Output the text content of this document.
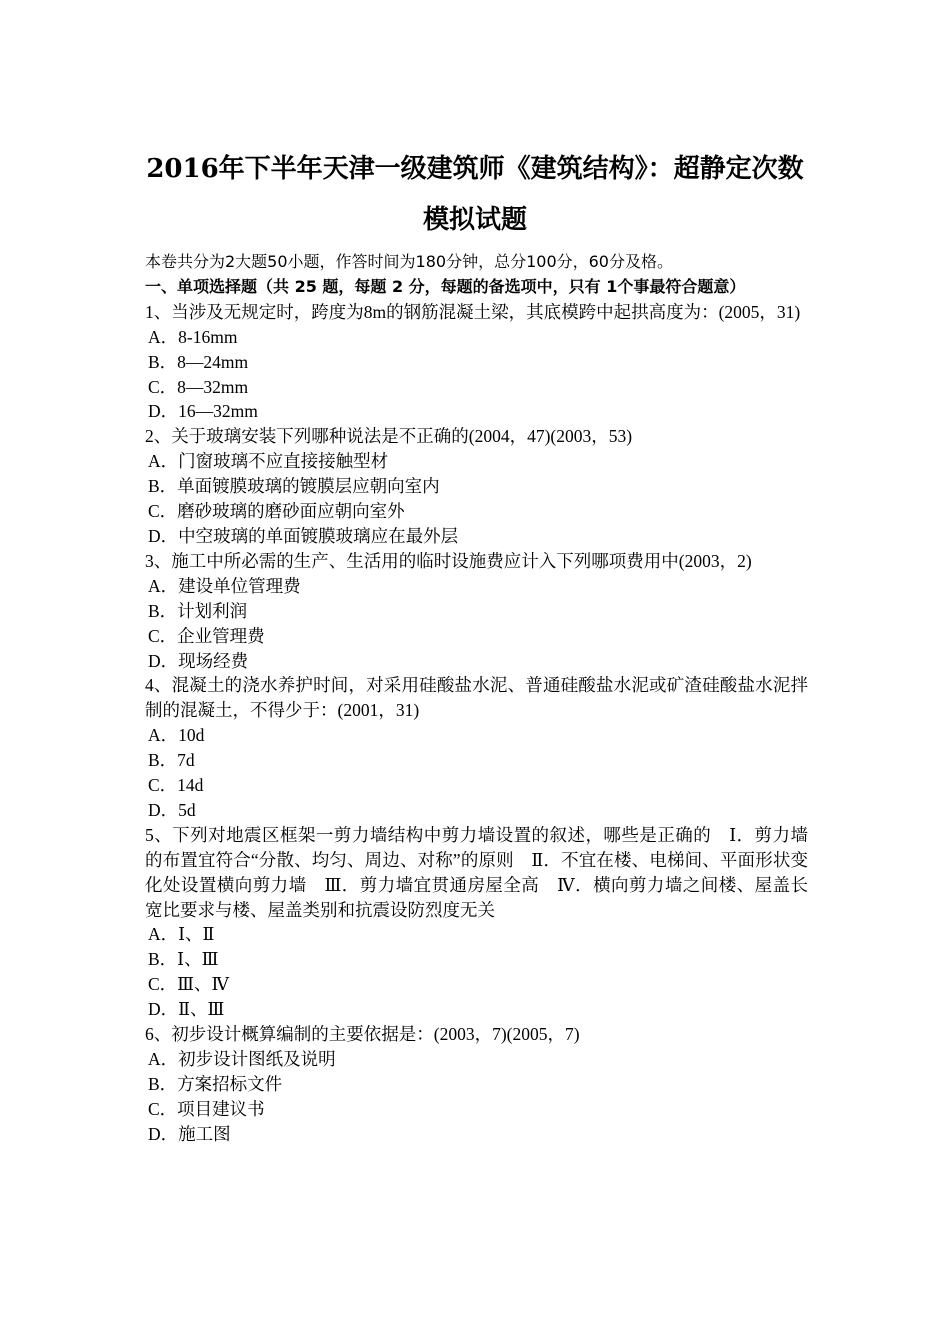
2016年下半年天津一级建筑师《建筑结构》：超静定次数
模拟试题

本卷共分为2大题50小题，作答时间为180分钟，总分100分，60分及格。

一、单项选择题（共 25 题，每题 2 分，每题的备选项中，只有 1个事最符合题意）

1、当涉及无规定时，跨度为8m的钢筋混凝土梁，其底模跨中起拱高度为：(2005，31)

A．8-16mm

B．8—24mm

C．8—32mm

D．16—32mm

2、关于玻璃安装下列哪种说法是不正确的(2004，47)(2003，53)

A．门窗玻璃不应直接接触型材

B．单面镀膜玻璃的镀膜层应朝向室内

C．磨砂玻璃的磨砂面应朝向室外

D．中空玻璃的单面镀膜玻璃应在最外层

3、施工中所必需的生产、生活用的临时设施费应计入下列哪项费用中(2003，2)

A．建设单位管理费

B．计划利润

C．企业管理费

D．现场经费

4、混凝土的浇水养护时间，对采用硅酸盐水泥、普通硅酸盐水泥或矿渣硅酸盐水泥拌制的混凝土，不得少于：(2001，31)

A．10d

B．7d

C．14d

D．5d

5、下列对地震区框架一剪力墙结构中剪力墙设置的叙述，哪些是正确的　Ⅰ．剪力墙的布置宜符合“分散、均匀、周边、对称”的原则　Ⅱ．不宜在楼、电梯间、平面形状变化处设置横向剪力墙　Ⅲ．剪力墙宜贯通房屋全高　Ⅳ．横向剪力墙之间楼、屋盖长宽比要求与楼、屋盖类别和抗震设防烈度无关

A．Ⅰ、Ⅱ

B．Ⅰ、Ⅲ

C．Ⅲ、Ⅳ

D．Ⅱ、Ⅲ

6、初步设计概算编制的主要依据是：(2003，7)(2005，7)

A．初步设计图纸及说明

B．方案招标文件

C．项目建议书

D．施工图
